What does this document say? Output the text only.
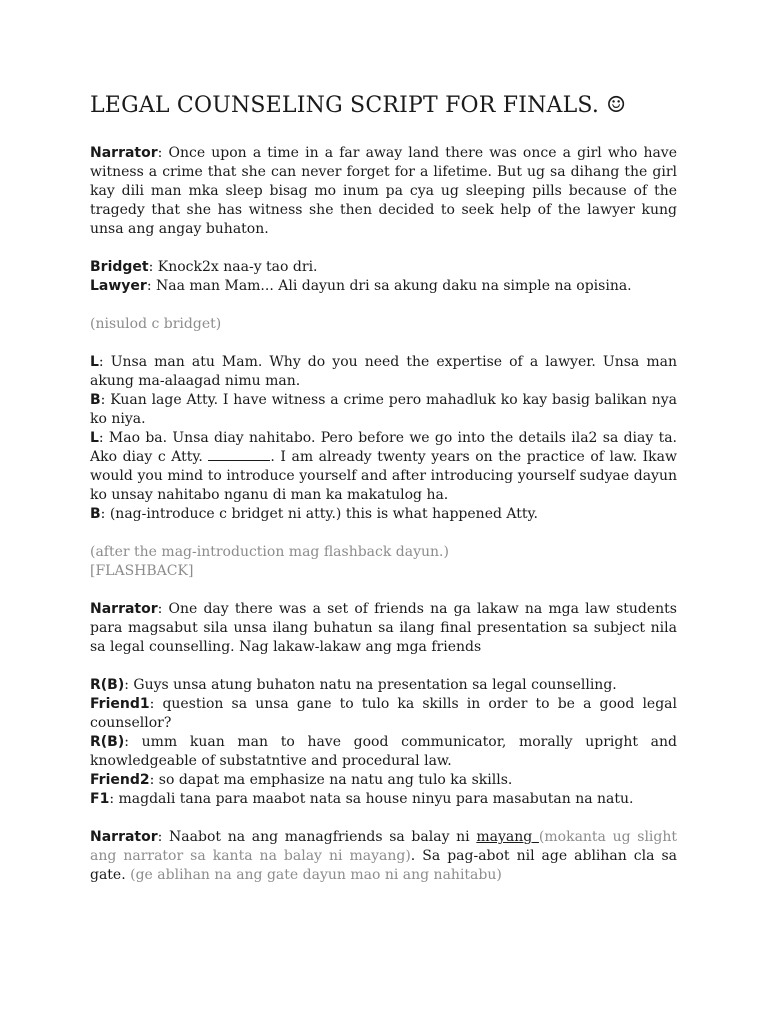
LEGAL COUNSELING SCRIPT FOR FINALS. ☺

Narrator: Once upon a time in a far away land there was once a girl who have witness a crime that she can never forget for a lifetime. But ug sa dihang the girl kay dili man mka sleep bisag mo inum pa cya ug sleeping pills because of the tragedy that she has witness she then decided to seek help of the lawyer kung unsa ang angay buhaton.

Bridget: Knock2x naa-y tao dri.

Lawyer: Naa man Mam... Ali dayun dri sa akung daku na simple na opisina.

(nisulod c bridget)

L: Unsa man atu Mam. Why do you need the expertise of a lawyer. Unsa man akung ma-alaagad nimu man.

B: Kuan lage Atty. I have witness a crime pero mahadluk ko kay basig balikan nya ko niya.

L: Mao ba. Unsa diay nahitabo. Pero before we go into the details ila2 sa diay ta. Ako diay c Atty.	. I am already twenty years on the practice of law. Ikaw would you mind to introduce yourself and after introducing yourself sudyae dayun ko unsay nahitabo nganu di man ka makatulog ha.

B: (nag-introduce c bridget ni atty.) this is what happened Atty.

(after the mag-introduction mag flashback dayun.)

[FLASHBACK]

Narrator: One day there was a set of friends na ga lakaw na mga law students para magsabut sila unsa ilang buhatun sa ilang final presentation sa subject nila sa legal counselling. Nag lakaw-lakaw ang mga friends

R(B): Guys unsa atung buhaton natu na presentation sa legal counselling.

Friend1: question sa unsa gane to tulo ka skills in order to be a good legal counsellor?

R(B): umm kuan man to have good communicator, morally upright and knowledgeable of substatntive and procedural law.

Friend2: so dapat ma emphasize na natu ang tulo ka skills.

F1: magdali tana para maabot nata sa house ninyu para masabutan na natu.

Narrator: Naabot na ang managfriends sa balay ni mayang (mokanta ug slight ang narrator sa kanta na balay ni mayang). Sa pag-abot nil age ablihan cla sa gate. (ge ablihan na ang gate dayun mao ni ang nahitabu)
